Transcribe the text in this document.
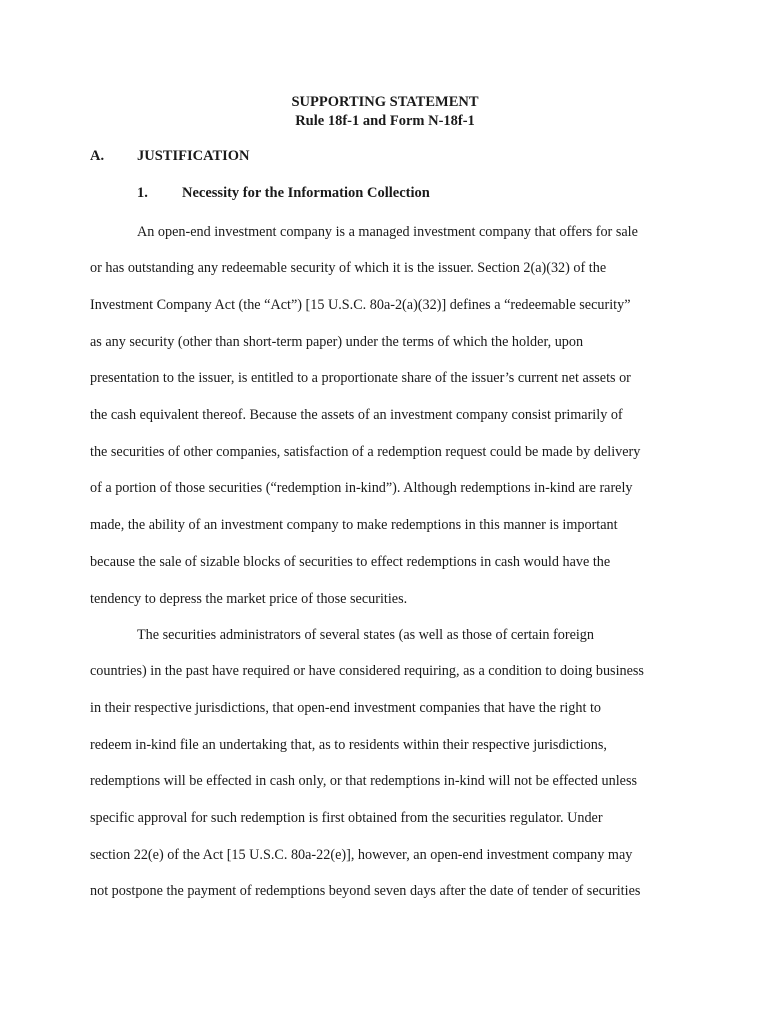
SUPPORTING STATEMENT
Rule 18f-1 and Form N-18f-1
A. JUSTIFICATION
1. Necessity for the Information Collection
An open-end investment company is a managed investment company that offers for sale
or has outstanding any redeemable security of which it is the issuer. Section 2(a)(32) of the
Investment Company Act (the “Act”) [15 U.S.C. 80a-2(a)(32)] defines a “redeemable security”
as any security (other than short-term paper) under the terms of which the holder, upon
presentation to the issuer, is entitled to a proportionate share of the issuer’s current net assets or
the cash equivalent thereof. Because the assets of an investment company consist primarily of
the securities of other companies, satisfaction of a redemption request could be made by delivery
of a portion of those securities (“redemption in-kind”). Although redemptions in-kind are rarely
made, the ability of an investment company to make redemptions in this manner is important
because the sale of sizable blocks of securities to effect redemptions in cash would have the
tendency to depress the market price of those securities.
The securities administrators of several states (as well as those of certain foreign
countries) in the past have required or have considered requiring, as a condition to doing business
in their respective jurisdictions, that open-end investment companies that have the right to
redeem in-kind file an undertaking that, as to residents within their respective jurisdictions,
redemptions will be effected in cash only, or that redemptions in-kind will not be effected unless
specific approval for such redemption is first obtained from the securities regulator. Under
section 22(e) of the Act [15 U.S.C. 80a-22(e)], however, an open-end investment company may
not postpone the payment of redemptions beyond seven days after the date of tender of securities
